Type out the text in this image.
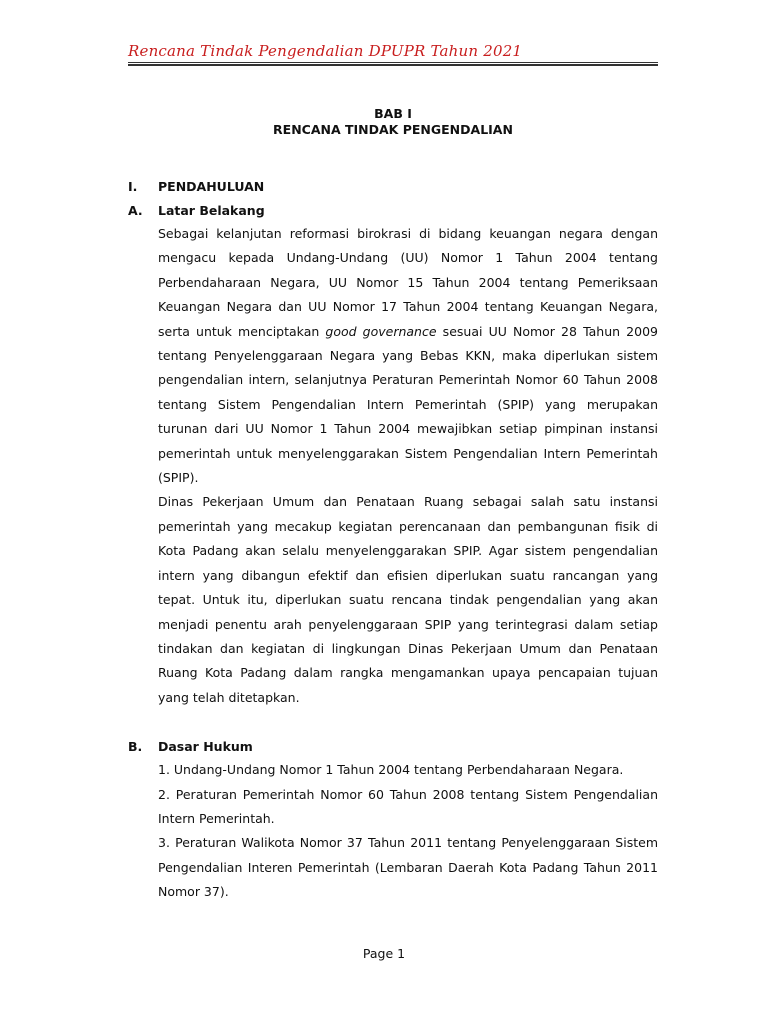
Rencana Tindak Pengendalian DPUPR Tahun 2021
BAB I
RENCANA TINDAK PENGENDALIAN
I.	PENDAHULUAN
A.	Latar Belakang

Sebagai kelanjutan reformasi birokrasi di bidang keuangan negara dengan mengacu kepada Undang-Undang (UU) Nomor 1 Tahun 2004 tentang Perbendaharaan Negara, UU Nomor 15 Tahun 2004 tentang Pemeriksaan Keuangan Negara dan UU Nomor 17 Tahun 2004 tentang Keuangan Negara, serta untuk menciptakan good governance sesuai UU Nomor 28 Tahun 2009 tentang Penyelenggaraan Negara yang Bebas KKN, maka diperlukan sistem pengendalian intern, selanjutnya Peraturan Pemerintah Nomor 60 Tahun 2008 tentang Sistem Pengendalian Intern Pemerintah (SPIP) yang merupakan turunan dari UU Nomor 1 Tahun 2004 mewajibkan setiap pimpinan instansi pemerintah untuk menyelenggarakan Sistem Pengendalian Intern Pemerintah (SPIP).

Dinas Pekerjaan Umum dan Penataan Ruang sebagai salah satu instansi pemerintah yang mecakup kegiatan perencanaan dan pembangunan fisik di Kota Padang akan selalu menyelenggarakan SPIP. Agar sistem pengendalian intern yang dibangun efektif dan efisien diperlukan suatu rancangan yang tepat. Untuk itu, diperlukan suatu rencana tindak pengendalian yang akan menjadi penentu arah penyelenggaraan SPIP yang terintegrasi dalam setiap tindakan dan kegiatan di lingkungan Dinas Pekerjaan Umum dan Penataan Ruang Kota Padang dalam rangka mengamankan upaya pencapaian tujuan yang telah ditetapkan.

B.	Dasar Hukum
1. Undang-Undang Nomor 1 Tahun 2004 tentang Perbendaharaan Negara.
2. Peraturan Pemerintah Nomor 60 Tahun 2008 tentang Sistem Pengendalian Intern Pemerintah.
3. Peraturan Walikota Nomor 37 Tahun 2011 tentang Penyelenggaraan Sistem Pengendalian Interen Pemerintah (Lembaran Daerah Kota Padang Tahun 2011 Nomor 37).
Page 1
